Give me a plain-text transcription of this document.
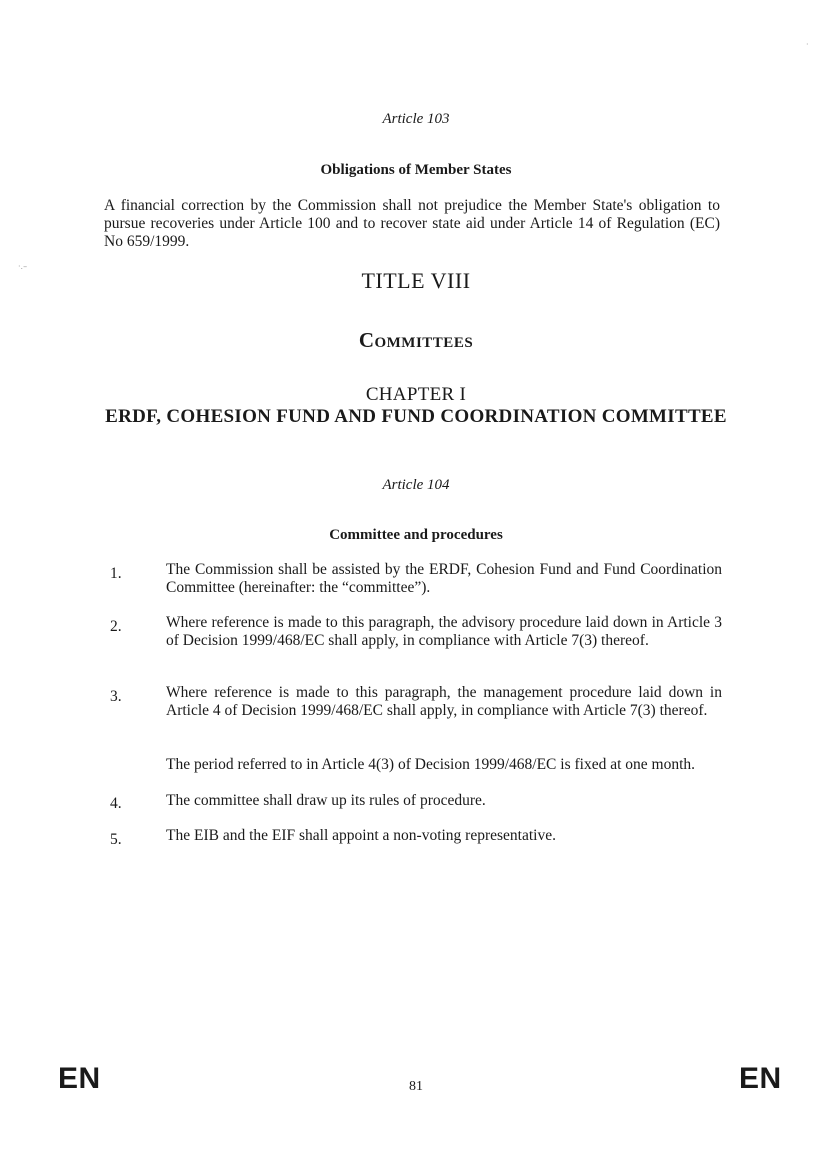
Article 103
Obligations of Member States
A financial correction by the Commission shall not prejudice the Member State's obligation to pursue recoveries under Article 100 and to recover state aid under Article 14 of Regulation (EC) No 659/1999.
TITLE VIII
Committees
CHAPTER I
ERDF, COHESION FUND AND FUND COORDINATION COMMITTEE
Article 104
Committee and procedures
1.	The Commission shall be assisted by the ERDF, Cohesion Fund and Fund Coordination Committee (hereinafter: the “committee”).
2.	Where reference is made to this paragraph, the advisory procedure laid down in Article 3 of Decision 1999/468/EC shall apply, in compliance with Article 7(3) thereof.
3.	Where reference is made to this paragraph, the management procedure laid down in Article 4 of Decision 1999/468/EC shall apply, in compliance with Article 7(3) thereof.
The period referred to in Article 4(3) of Decision 1999/468/EC is fixed at one month.
4.	The committee shall draw up its rules of procedure.
5.	The EIB and the EIF shall appoint a non-voting representative.
·.–
·
EN	81	EN
